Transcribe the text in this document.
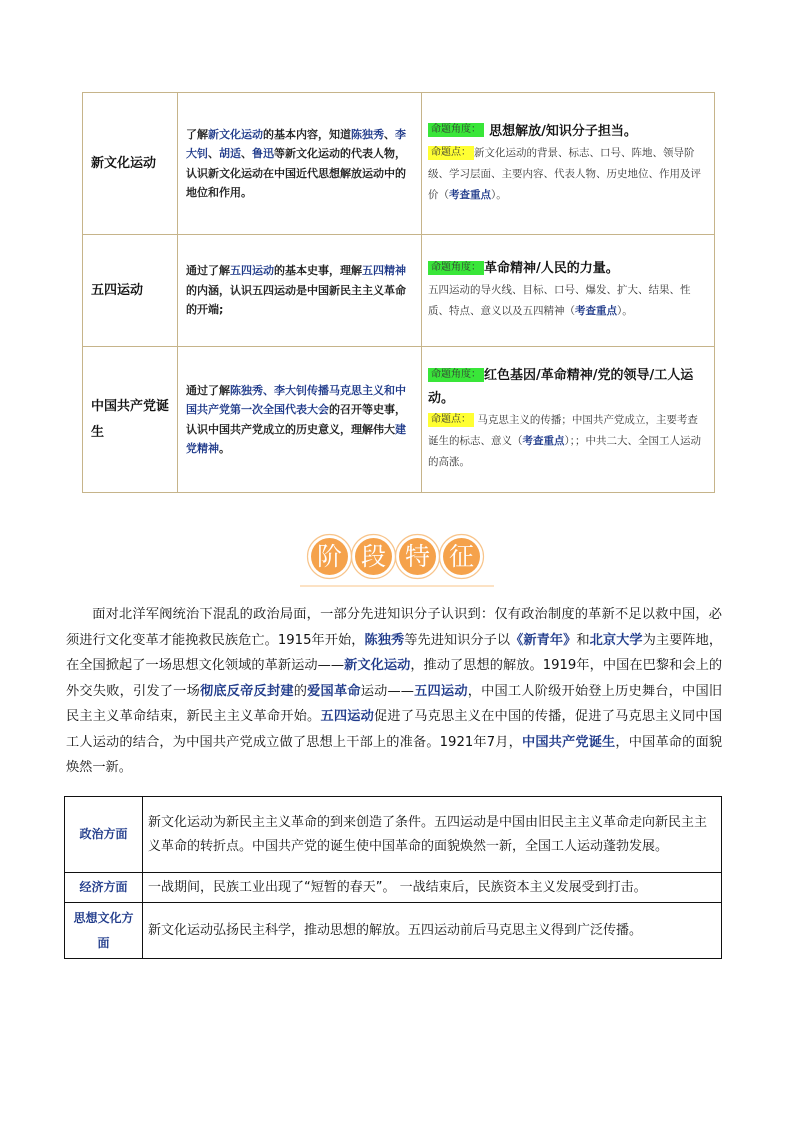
新文化运动	了解新文化运动的基本内容，知道陈独秀、李大钊、胡适、鲁迅等新文化运动的代表人物，认识新文化运动在中国近代思想解放运动中的地位和作用。	命题角度： 思想解放/知识分子担当。

命题点： 新文化运动的背景、标志、口号、阵地、领导阶级、学习层面、主要内容、代表人物、历史地位、作用及评价（考查重点）。

五四运动	通过了解五四运动的基本史事，理解五四精神的内涵，认识五四运动是中国新民主主义革命的开端;	命题角度： 革命精神/人民的力量。

五四运动的导火线、目标、口号、爆发、扩大、结果、性质、特点、意义以及五四精神（考查重点）。

中国共产党诞生	通过了解陈独秀、李大钊传播马克思主义和中国共产党第一次全国代表大会的召开等史事，认识中国共产党成立的历史意义，理解伟大建党精神。	命题角度： 红色基因/革命精神/党的领导/工人运动。

命题点： 马克思主义的传播；中国共产党成立，主要考查诞生的标志、意义（考查重点）；；中共二大、全国工人运动的高涨。

阶 段 特 征
面对北洋军阀统治下混乱的政治局面，一部分先进知识分子认识到：仅有政治制度的革新不足以救中国，必须进行文化变革才能挽救民族危亡。1915年开始，陈独秀等先进知识分子以《新青年》和北京大学为主要阵地，在全国掀起了一场思想文化领域的革新运动——新文化运动，推动了思想的解放。1919年，中国在巴黎和会上的外交失败，引发了一场彻底反帝反封建的爱国革命运动——五四运动，中国工人阶级开始登上历史舞台，中国旧民主主义革命结束，新民主主义革命开始。五四运动促进了马克思主义在中国的传播，促进了马克思主义同中国工人运动的结合，为中国共产党成立做了思想上干部上的准备。1921年7月，中国共产党诞生，中国革命的面貌焕然一新。
政治方面	新文化运动为新民主主义革命的到来创造了条件。五四运动是中国由旧民主主义革命走向新民主主义革命的转折点。中国共产党的诞生使中国革命的面貌焕然一新，全国工人运动蓬勃发展。
经济方面	一战期间，民族工业出现了“短暂的春天”。 一战结束后，民族资本主义发展受到打击。
思想文化方面	新文化运动弘扬民主科学，推动思想的解放。五四运动前后马克思主义得到广泛传播。
